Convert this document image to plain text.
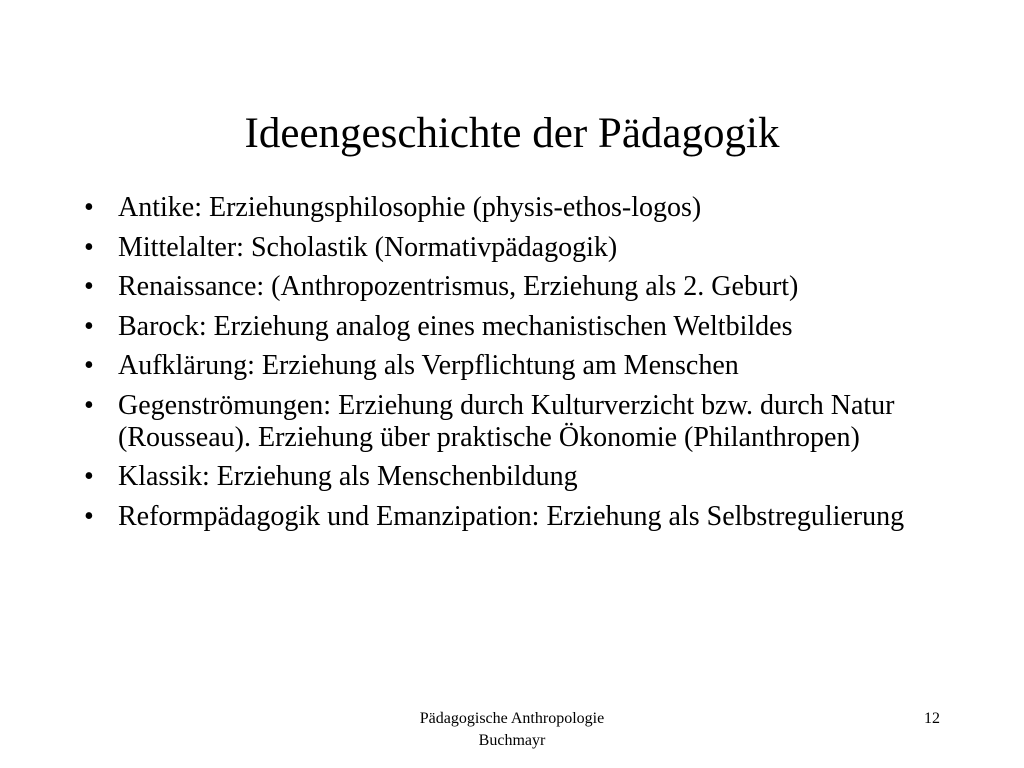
Ideengeschichte der Pädagogik
• Antike: Erziehungsphilosophie (physis-ethos-logos)
• Mittelalter: Scholastik (Normativpädagogik)
• Renaissance: (Anthropozentrismus, Erziehung als 2. Geburt)
• Barock: Erziehung analog eines mechanistischen Weltbildes
• Aufklärung: Erziehung als Verpflichtung am Menschen
• Gegenströmungen: Erziehung durch Kulturverzicht bzw. durch Natur (Rousseau). Erziehung über praktische Ökonomie (Philanthropen)
• Klassik: Erziehung als Menschenbildung
• Reformpädagogik und Emanzipation: Erziehung als Selbstregulierung
Pädagogische Anthropologie
Buchmayr
12
